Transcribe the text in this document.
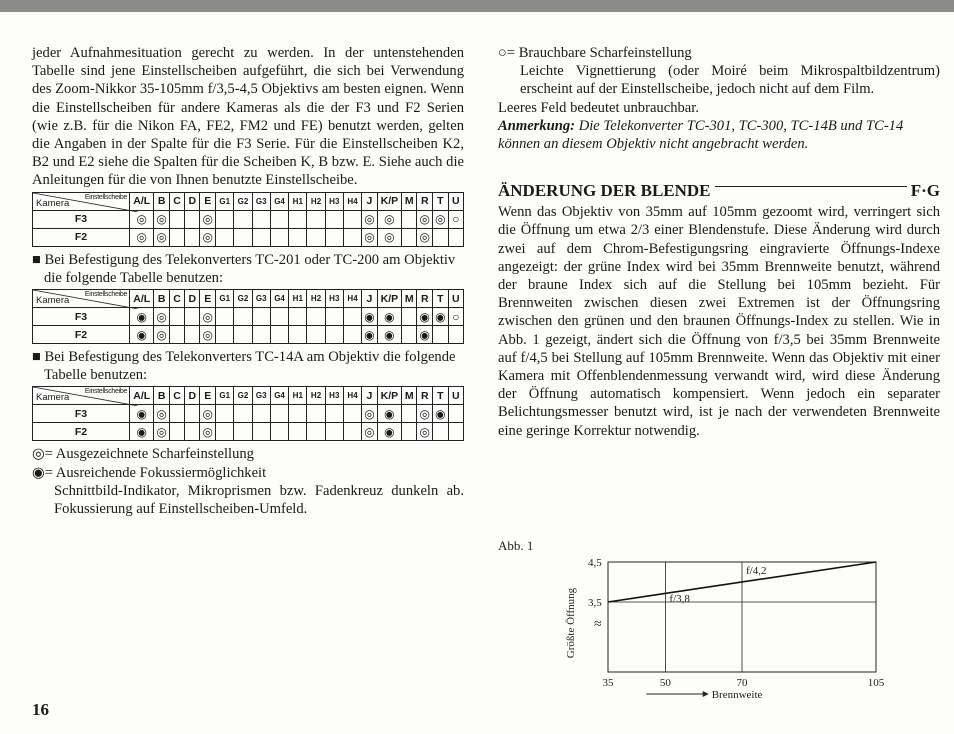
jeder Aufnahmesituation gerecht zu werden. In der untenstehenden Tabelle sind jene Einstellscheiben aufgeführt, die sich bei Verwendung des Zoom-Nikkor 35-105mm f/3,5-4,5 Objektivs am besten eignen. Wenn die Einstellscheiben für andere Kameras als die der F3 und F2 Serien (wie z.B. für die Nikon FA, FE2, FM2 und FE) benutzt werden, gelten die Angaben in der Spalte für die F3 Serie. Für die Einstellscheiben K2, B2 und E2 siehe die Spalten für die Scheiben K, B bzw. E. Siehe auch die Anleitungen für die von Ihnen benutzte Einstellscheibe.

Kamera
Einstellscheibe	A/L	B	C	D	E	G1	G2	G3	G4	H1	H2	H3	H4	J	K/P	M	R	T	U
F3	◎	◎			◎									◎	◎		◎	◎	○
F2	◎	◎			◎									◎	◎		◎		

■ Bei Befestigung des Telekonverters TC-201 oder TC-200 am Objektiv die folgende Tabelle benutzen:

Kamera
Einstellscheibe	A/L	B	C	D	E	G1	G2	G3	G4	H1	H2	H3	H4	J	K/P	M	R	T	U
F3	◉	◎			◎									◉	◉		◉	◉	○
F2	◉	◎			◎									◉	◉		◉		

■ Bei Befestigung des Telekonverters TC-14A am Objektiv die folgende Tabelle benutzen:

Kamera
Einstellscheibe	A/L	B	C	D	E	G1	G2	G3	G4	H1	H2	H3	H4	J	K/P	M	R	T	U
F3	◉	◎			◎									◎	◉		◎	◉	
F2	◉	◎			◎									◎	◉		◎		

◎= Ausgezeichnete Scharfeinstellung

◉= Ausreichende Fokussiermöglichkeit

Schnittbild-Indikator, Mikroprismen bzw. Fadenkreuz dunkeln ab. Fokussierung auf Einstellscheiben-Umfeld.

○= Brauchbare Scharfeinstellung

Leichte Vignettierung (oder Moiré beim Mikrospaltbildzentrum) erscheint auf der Einstellscheibe, jedoch nicht auf dem Film.

Leeres Feld bedeutet unbrauchbar.

Anmerkung: Die Telekonverter TC-301, TC-300, TC-14B und TC-14 können an diesem Objektiv nicht angebracht werden.

ÄNDERUNG DER BLENDE	F·G

Wenn das Objektiv von 35mm auf 105mm gezoomt wird, verringert sich die Öffnung um etwa 2/3 einer Blendenstufe. Diese Änderung wird durch zwei auf dem Chrom-Befestigungsring eingravierte Öffnungs-Indexe angezeigt: der grüne Index wird bei 35mm Brennweite benutzt, während der braune Index sich auf die Stellung bei 105mm bezieht. Für Brennweiten zwischen diesen zwei Extremen ist der Öffnungsring zwischen den grünen und den braunen Öffnungs-Index zu stellen. Wie in Abb. 1 gezeigt, ändert sich die Öffnung von f/3,5 bei 35mm Brennweite auf f/4,5 bei Stellung auf 105mm Brennweite. Wenn das Objektiv mit einer Kamera mit Offenblendenmessung verwandt wird, wird diese Änderung der Öffnung automatisch kompensiert. Wenn jedoch ein separater Belichtungsmesser benutzt wird, ist je nach der verwendeten Brennweite eine geringe Korrektur notwendig.

Abb. 1
3,5
4,5
≈
35	50	70	105
Brennweite
Größte Öffnung	f/3,8
f/4,2
16
